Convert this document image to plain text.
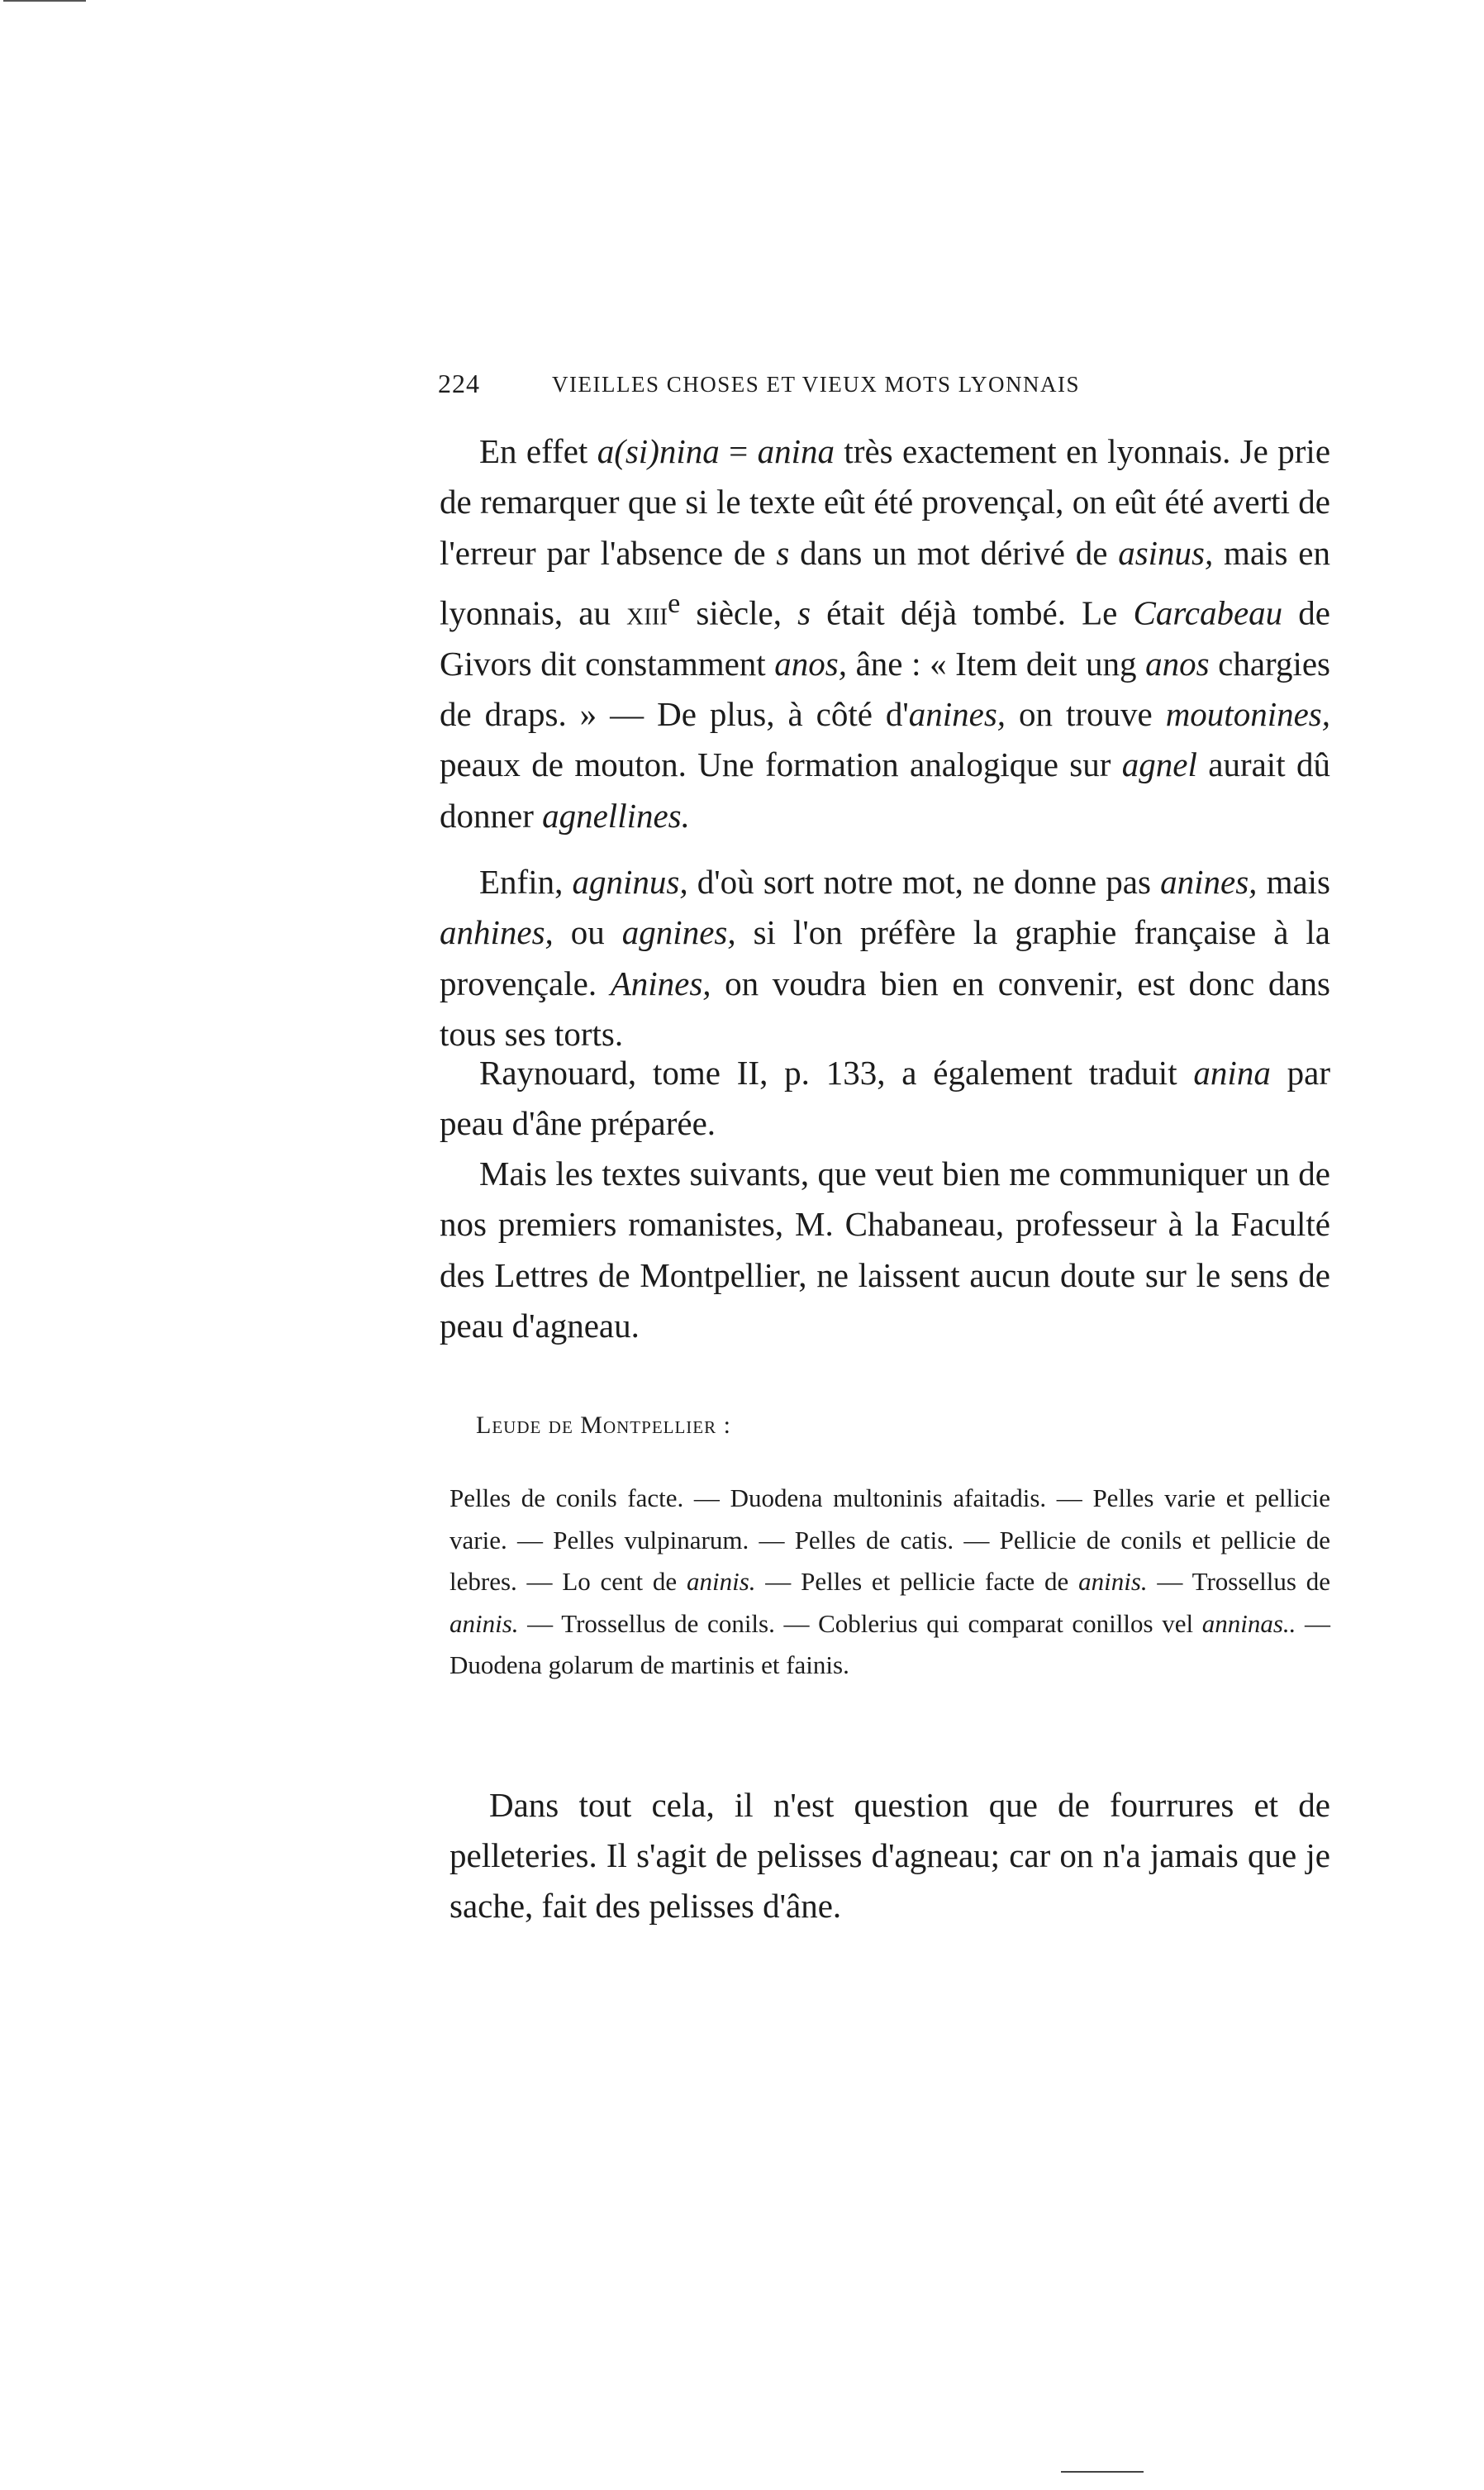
224	VIEILLES CHOSES ET VIEUX MOTS LYONNAIS

En effet a(si)nina = anina très exactement en lyonnais. Je prie de remarquer que si le texte eût été provençal, on eût été averti de l'erreur par l'absence de s dans un mot dérivé de asinus, mais en lyonnais, au xiii$^e$ siècle, s était déjà tombé. Le Carcabeau de Givors dit constamment anos, âne : « Item deit ung anos chargies de draps. » — De plus, à côté d'anines, on trouve moutonines, peaux de mouton. Une formation analogique sur agnel aurait dû donner agnellines.

Enfin, agninus, d'où sort notre mot, ne donne pas anines, mais anhines, ou agnines, si l'on préfère la graphie française à la provençale. Anines, on voudra bien en convenir, est donc dans tous ses torts.

Raynouard, tome II, p. 133, a également traduit anina par peau d'âne préparée.

Mais les textes suivants, que veut bien me communiquer un de nos premiers romanistes, M. Chabaneau, professeur à la Faculté des Lettres de Montpellier, ne laissent aucun doute sur le sens de peau d'agneau.

Leude de Montpellier :

Pelles de conils facte. — Duodena multoninis afaitadis. — Pelles varie et pellicie varie. — Pelles vulpinarum. — Pelles de catis. — Pellicie de conils et pellicie de lebres. — Lo cent de aninis. — Pelles et pellicie facte de aninis. — Trossellus de aninis. — Trossellus de conils. — Coblerius qui comparat conillos vel anninas.. — Duodena golarum de martinis et fainis.

Dans tout cela, il n'est question que de fourrures et de pelleteries. Il s'agit de pelisses d'agneau; car on n'a jamais que je sache, fait des pelisses d'âne.
